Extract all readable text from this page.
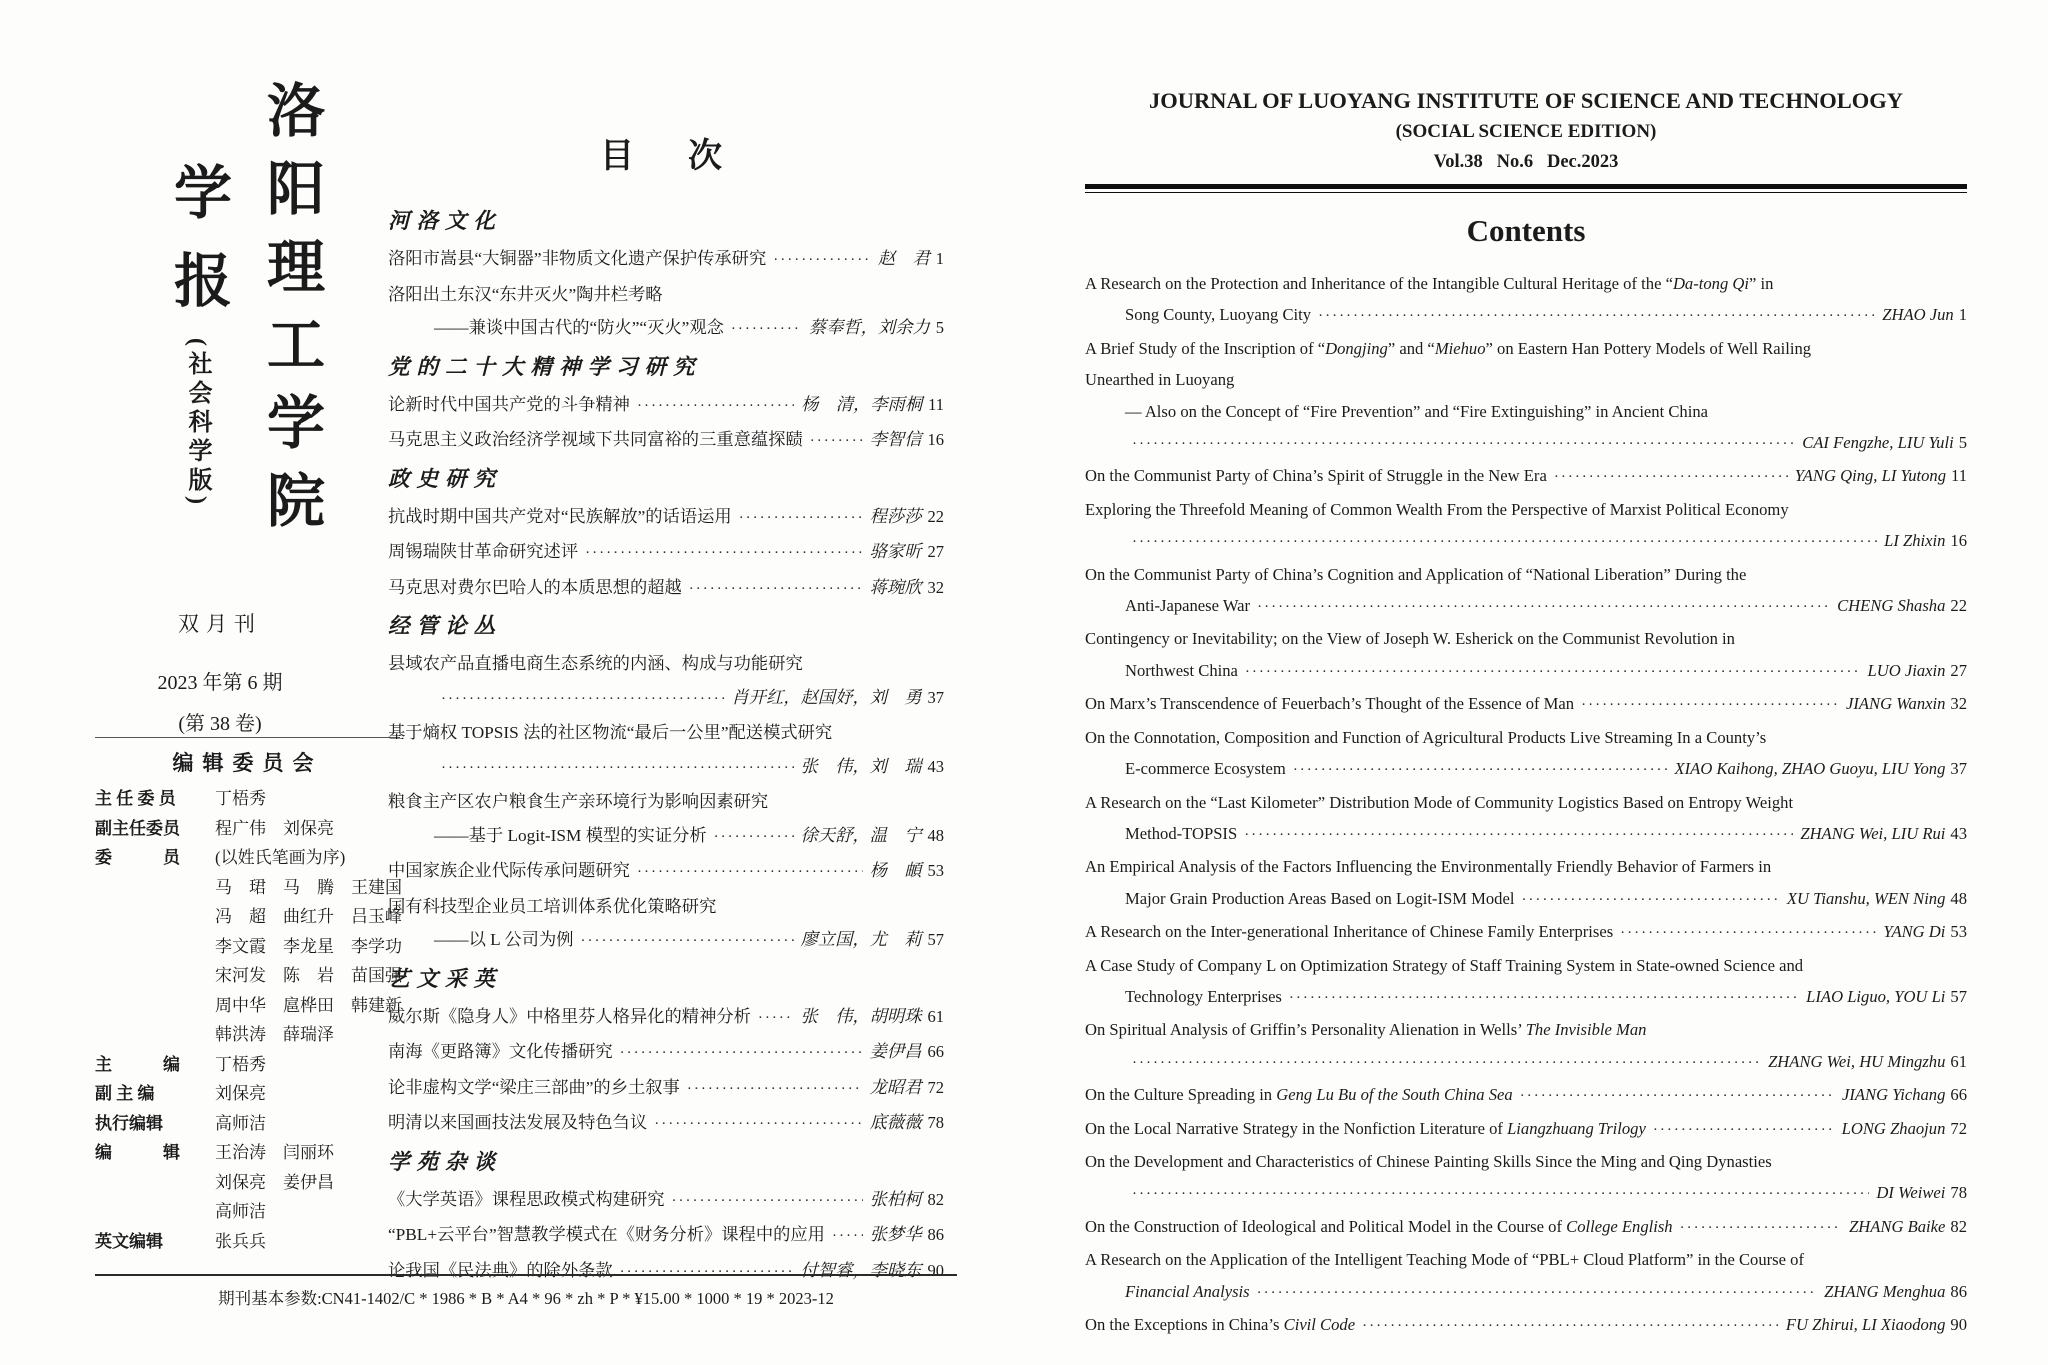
洛阳理工学院
学报(社会科学版)
双月刊
2023 年第 6 期
(第 38 卷)
编辑委员会
主 任 委 员	丁梧秀
副主任委员	程广伟　刘保亮
委　　　员	(以姓氏笔画为序)
马　珺　马　腾　王建国
冯　超　曲红升　吕玉峰
李文霞　李龙星　李学功
宋河发　陈　岩　苗国强
周中华　扈桦田　韩建新
韩洪涛　薛瑞泽
主　　　编	丁梧秀
副 主 编	刘保亮
执行编辑	高师洁
编　　　辑	王治涛　闫丽环
刘保亮　姜伊昌
高师洁
英文编辑	张兵兵
目　次
河洛文化
洛阳市嵩县“大铜器”非物质文化遗产保护传承研究 ·····	赵　君 1
洛阳出土东汉“东井灭火”陶井栏考略
——兼谈中国古代的“防火”“灭火”观念 ·····	蔡奉哲，刘余力 5
党的二十大精神学习研究
论新时代中国共产党的斗争精神 ·····	杨　清，李雨桐 11
马克思主义政治经济学视域下共同富裕的三重意蕴探赜 ·····	李智信 16
政史研究
抗战时期中国共产党对“民族解放”的话语运用 ·····	程莎莎 22
周锡瑞陕甘革命研究述评 ·····	骆家昕 27
马克思对费尔巴哈人的本质思想的超越 ·····	蒋琬欣 32
经管论丛
县域农产品直播电商生态系统的内涵、构成与功能研究
·····
肖开红，赵国妤，刘　勇 37
基于熵权 TOPSIS 法的社区物流“最后一公里”配送模式研究
·····
张　伟，刘　瑞 43
粮食主产区农户粮食生产亲环境行为影响因素研究
——基于 Logit-ISM 模型的实证分析 ·····	徐天舒，温　宁 48
中国家族企业代际传承问题研究 ·····	杨　頔 53
国有科技型企业员工培训体系优化策略研究
——以 L 公司为例 ·····	廖立国，尤　莉 57
艺文采英
威尔斯《隐身人》中格里芬人格异化的精神分析 ·····	张　伟，胡明珠 61
南海《更路簿》文化传播研究 ·····	姜伊昌 66
论非虚构文学“梁庄三部曲”的乡土叙事 ·····	龙昭君 72
明清以来国画技法发展及特色刍议 ·····	底薇薇 78
学苑杂谈
《大学英语》课程思政模式构建研究 ·····	张柏柯 82
“PBL+云平台”智慧教学模式在《财务分析》课程中的应用 ·····	张梦华 86
论我国《民法典》的除外条款 ·····	付智睿，李晓东 90
期刊基本参数:CN41-1402/C * 1986 * B * A4 * 96 * zh * P * ¥15.00 * 1000 * 19 * 2023-12
JOURNAL OF LUOYANG INSTITUTE OF SCIENCE AND TECHNOLOGY
(SOCIAL SCIENCE EDITION)
Vol.38   No.6   Dec.2023
Contents
A Research on the Protection and Inheritance of the Intangible Cultural Heritage of the “ Da-tong Qi ” in
Song County, Luoyang City ·····	ZHAO Jun 1
A Brief Study of the Inscription of “ Dongjing ” and “ Miehuo ” on Eastern Han Pottery Models of Well Railing
Unearthed in Luoyang
— Also on the Concept of “Fire Prevention” and “Fire Extinguishing” in Ancient China
·····
CAI Fengzhe, LIU Yuli 5
On the Communist Party of China’s Spirit of Struggle in the New Era ·····	YANG Qing, LI Yutong 11
Exploring the Threefold Meaning of Common Wealth From the Perspective of Marxist Political Economy
·····
LI Zhixin 16
On the Communist Party of China’s Cognition and Application of “National Liberation” During the
Anti-Japanese War ·····	CHENG Shasha 22
Contingency or Inevitability; on the View of Joseph W. Esherick on the Communist Revolution in
Northwest China ·····	LUO Jiaxin 27
On Marx’s Transcendence of Feuerbach’s Thought of the Essence of Man ·····	JIANG Wanxin 32
On the Connotation, Composition and Function of Agricultural Products Live Streaming In a County’s
E-commerce Ecosystem ·····	XIAO Kaihong, ZHAO Guoyu, LIU Yong 37
A Research on the “Last Kilometer” Distribution Mode of Community Logistics Based on Entropy Weight
Method-TOPSIS ·····	ZHANG Wei, LIU Rui 43
An Empirical Analysis of the Factors Influencing the Environmentally Friendly Behavior of Farmers in
Major Grain Production Areas Based on Logit-ISM Model ·····	XU Tianshu, WEN Ning 48
A Research on the Inter-generational Inheritance of Chinese Family Enterprises ·····	YANG Di 53
A Case Study of Company L on Optimization Strategy of Staff Training System in State-owned Science and
Technology Enterprises ·····	LIAO Liguo, YOU Li 57
On Spiritual Analysis of Griffin’s Personality Alienation in Wells’ The Invisible Man
·····
ZHANG Wei, HU Mingzhu 61
On the Culture Spreading in Geng Lu Bu of the South China Sea ·····	JIANG Yichang 66
On the Local Narrative Strategy in the Nonfiction Literature of Liangzhuang Trilogy ·····	LONG Zhaojun 72
On the Development and Characteristics of Chinese Painting Skills Since the Ming and Qing Dynasties
·····
DI Weiwei 78
On the Construction of Ideological and Political Model in the Course of College English ·····	ZHANG Baike 82
A Research on the Application of the Intelligent Teaching Mode of “PBL+ Cloud Platform” in the Course of
Financial Analysis ·····	ZHANG Menghua 86
On the Exceptions in China’s Civil Code ·····	FU Zhirui, LI Xiaodong 90
